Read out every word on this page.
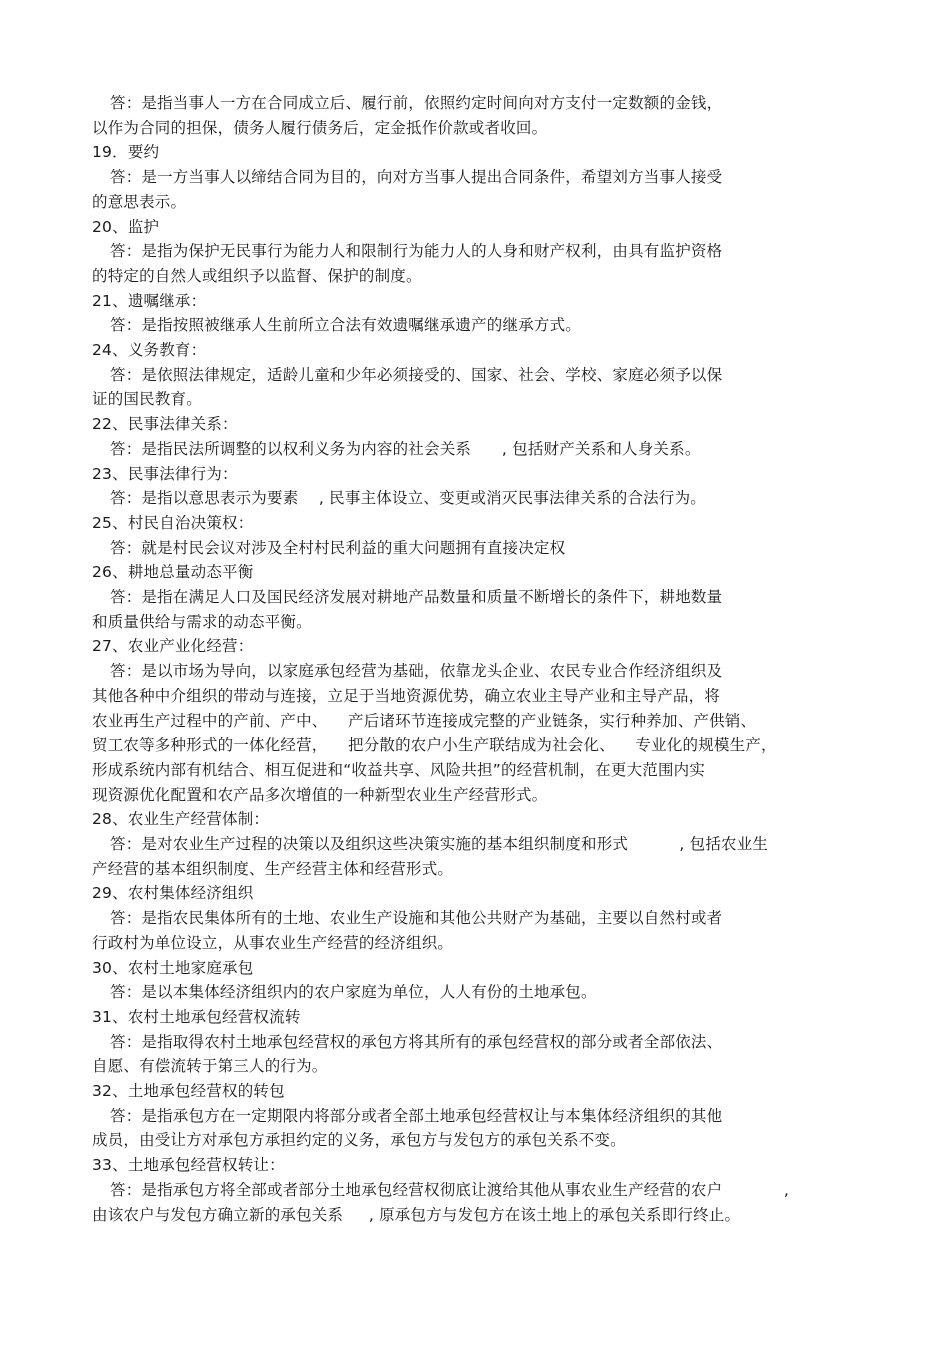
答：是指当事人一方在合同成立后、履行前，依照约定时间向对方支付一定数额的金钱，
以作为合同的担保，债务人履行债务后，定金抵作价款或者收回。
19．要约
答：是一方当事人以缔结合同为目的，向对方当事人提出合同条件，希望刘方当事人接受
的意思表示。
20、监护
答：是指为保护无民事行为能力人和限制行为能力人的人身和财产权利，由具有监护资格
的特定的自然人或组织予以监督、保护的制度。
21、遗嘱继承：
答：是指按照被继承人生前所立合法有效遗嘱继承遗产的继承方式。
24、义务教育：
答：是依照法律规定，适龄儿童和少年必须接受的、国家、社会、学校、家庭必须予以保
证的国民教育。
22、民事法律关系：
答：是指民法所调整的以权利义务为内容的社会关系      , 包括财产关系和人身关系。
23、民事法律行为：
答：是指以意思表示为要素    , 民事主体设立、变更或消灭民事法律关系的合法行为。
25、村民自治决策权：
答：就是村民会议对涉及全村村民利益的重大问题拥有直接决定权
26、耕地总量动态平衡
答：是指在满足人口及国民经济发展对耕地产品数量和质量不断增长的条件下，耕地数量
和质量供给与需求的动态平衡。
27、农业产业化经营：
答：是以市场为导向，以家庭承包经营为基础，依靠龙头企业、农民专业合作经济组织及
其他各种中介组织的带动与连接，立足于当地资源优势，确立农业主导产业和主导产品，将
农业再生产过程中的产前、产中、    产后诸环节连接成完整的产业链条，实行种养加、产供销、
贸工农等多种形式的一体化经营，    把分散的农户小生产联结成为社会化、    专业化的规模生产，
形成系统内部有机结合、相互促进和“收益共享、风险共担”的经营机制，在更大范围内实
现资源优化配置和农产品多次增值的一种新型农业生产经营形式。
28、农业生产经营体制：
答：是对农业生产过程的决策以及组织这些决策实施的基本组织制度和形式          , 包括农业生
产经营的基本组织制度、生产经营主体和经营形式。
29、农村集体经济组织
答：是指农民集体所有的土地、农业生产设施和其他公共财产为基础，主要以自然村或者
行政村为单位设立，从事农业生产经营的经济组织。
30、农村土地家庭承包
答：是以本集体经济组织内的农户家庭为单位，人人有份的土地承包。
31、农村土地承包经营权流转
答：是指取得农村土地承包经营权的承包方将其所有的承包经营权的部分或者全部依法、
自愿、有偿流转于第三人的行为。
32、土地承包经营权的转包
答：是指承包方在一定期限内将部分或者全部土地承包经营权让与本集体经济组织的其他
成员，由受让方对承包方承担约定的义务，承包方与发包方的承包关系不变。
33、土地承包经营权转让：
答：是指承包方将全部或者部分土地承包经营权彻底让渡给其他从事农业生产经营的农户            ,
由该农户与发包方确立新的承包关系     , 原承包方与发包方在该土地上的承包关系即行终止。
